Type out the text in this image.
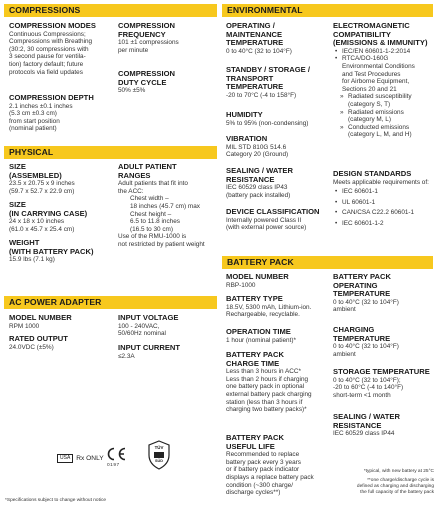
COMPRESSIONS
COMPRESSION MODES
Continuous Compressions;
Compressions with Breathing
(30:2, 30 compressions with
3 second pause for ventila-
tion) factory default; future
protocols via field updates
COMPRESSION
FREQUENCY
101 ±1 compressions
per minute
COMPRESSION
DUTY CYCLE
50% ±5%
COMPRESSION DEPTH
2.1 inches ±0.1 inches
(5.3 cm ±0.3 cm)
from start position
(nominal patient)
PHYSICAL
SIZE
(ASSEMBLED)
23.5 x 20.75 x 9 inches
(59.7 x 52.7 x 22.9 cm)
SIZE
(IN CARRYING CASE)
24 x 18 x 10 inches
(61.0 x 45.7 x 25.4 cm)
WEIGHT
(WITH BATTERY PACK)
15.9 lbs (7.1 kg)
ADULT PATIENT
RANGES
Adult patients that fit into
the ACC:
Chest width –
18 inches (45.7 cm) max
Chest height –
6.5 to 11.8 inches
(16.5 to 30 cm)
Use of the RMU-1000 is
not restricted by patient weight
AC POWER ADAPTER
MODEL NUMBER
RPM 1000
RATED OUTPUT
24.0VDC (±5%)
INPUT VOLTAGE
100 - 240VAC,
50/60Hz nominal
INPUT CURRENT
≤2.3A
USA Rx ONLY
0197
TÜV
SÜD
*Specifications subject to change without notice
ENVIRONMENTAL
OPERATING /
MAINTENANCE
TEMPERATURE
0 to 40°C (32 to 104°F)
STANDBY / STORAGE /
TRANSPORT
TEMPERATURE
-20 to 70°C (-4 to 158°F)
HUMIDITY
5% to 95% (non-condensing)
VIBRATION
MIL STD 810G 514.6
Category 20 (Ground)
SEALING / WATER
RESISTANCE
IEC 60529 class IP43
(battery pack installed)
DEVICE CLASSIFICATION
Internally powered Class II
(with external power source)
ELECTROMAGNETIC
COMPATIBILITY
(EMISSIONS & IMMUNITY)
• IEC/EN 60601-1-2:2014
• RTCA/DO-160G
Environmental Conditions
and Test Procedures
for Airborne Equipment,
Sections 20 and 21
» Radiated susceptibility
(category S, T)
» Radiated emissions
(category M, L)
» Conducted emissions
(category L, M, and H)
DESIGN STANDARDS
Meets applicable requirements of:
• IEC 60601-1
• UL 60601-1
• CAN/CSA C22.2 60601-1
• IEC 60601-1-2
BATTERY PACK
MODEL NUMBER
RBP-1000
BATTERY TYPE
18.5V, 5300 mAh, Lithium-ion.
Rechargeable, recyclable.
OPERATION TIME
1 hour (nominal patient)*
BATTERY PACK
CHARGE TIME
Less than 3 hours in ACC*
Less than 2 hours if charging
one battery pack in optional
external battery pack charging
station (less than 3 hours if
charging two battery packs)*
BATTERY PACK
USEFUL LIFE
Recommended to replace
battery pack every 3 years
or if battery pack indicator
displays a replace battery pack
condition (~300 charge/
discharge cycles**)
BATTERY PACK
OPERATING
TEMPERATURE
0 to 40°C (32 to 104°F)
ambient
CHARGING
TEMPERATURE
0 to 40°C (32 to 104°F)
ambient
STORAGE TEMPERATURE
0 to 40°C (32 to 104°F);
-20 to 60°C (-4 to 140°F)
short-term <1 month
SEALING / WATER
RESISTANCE
IEC 60529 class IP44
*typical, with new battery at 25°C
**one charge/discharge cycle is
defined as charging and discharging
the full capacity of the battery pack
